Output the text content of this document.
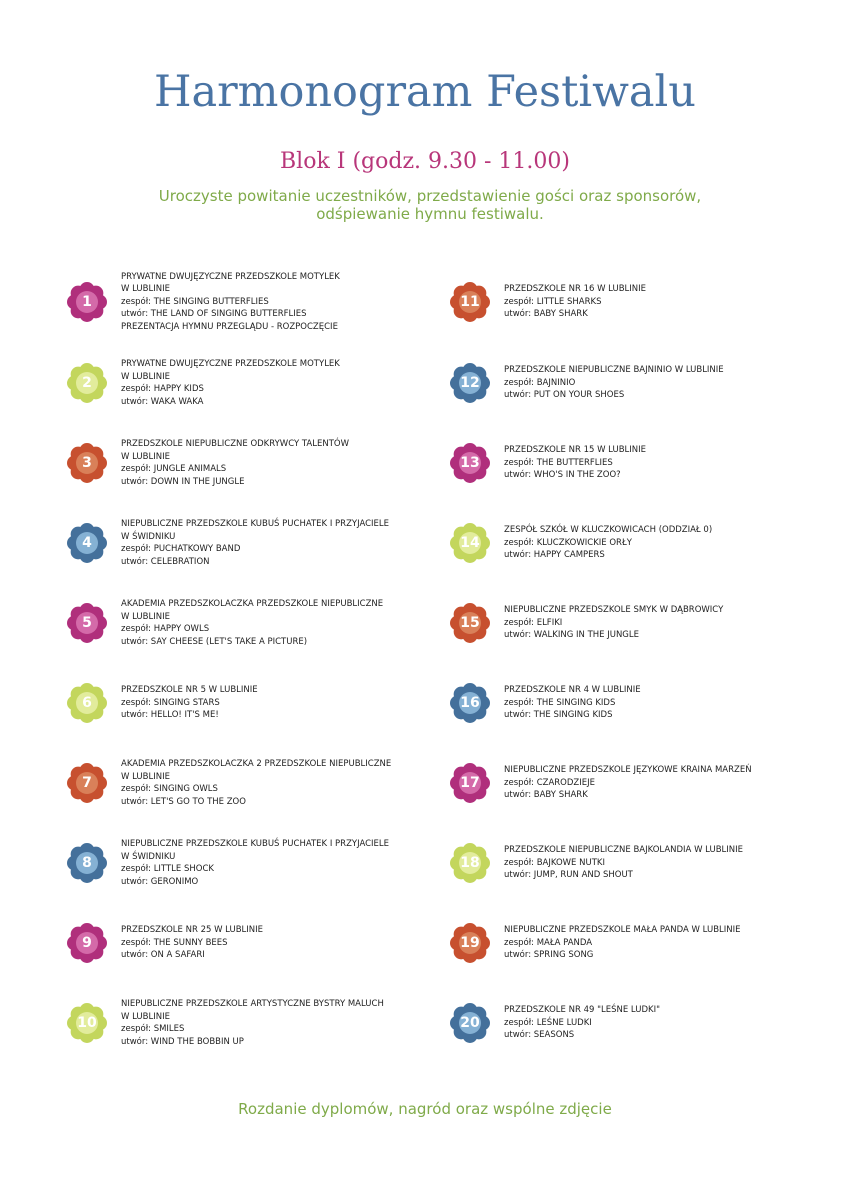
Harmonogram Festiwalu
Blok I (godz. 9.30 - 11.00)

Uroczyste powitanie uczestników, przedstawienie gości oraz sponsorów, odśpiewanie hymnu festiwalu.

1
PRYWATNE DWUJĘZYCZNE PRZEDSZKOLE MOTYLEK
W LUBLINIE
zespół: THE SINGING BUTTERFLIES
utwór: THE LAND OF SINGING BUTTERFLIES
PREZENTACJA HYMNU PRZEGLĄDU - ROZPOCZĘCIE
2
PRYWATNE DWUJĘZYCZNE PRZEDSZKOLE MOTYLEK
W LUBLINIE
zespół: HAPPY KIDS
utwór: WAKA WAKA
3
PRZEDSZKOLE NIEPUBLICZNE ODKRYWCY TALENTÓW
W LUBLINIE
zespół: JUNGLE ANIMALS
utwór: DOWN IN THE JUNGLE
4
NIEPUBLICZNE PRZEDSZKOLE KUBUŚ PUCHATEK I PRZYJACIELE
W ŚWIDNIKU
zespół: PUCHATKOWY BAND
utwór: CELEBRATION
5
AKADEMIA PRZEDSZKOLACZKA PRZEDSZKOLE NIEPUBLICZNE
W LUBLINIE
zespół: HAPPY OWLS
utwór: SAY CHEESE (LET'S TAKE A PICTURE)
6
PRZEDSZKOLE NR 5 W LUBLINIE
zespół: SINGING STARS
utwór: HELLO! IT'S ME!
7
AKADEMIA PRZEDSZKOLACZKA 2 PRZEDSZKOLE NIEPUBLICZNE
W LUBLINIE
zespół: SINGING OWLS
utwór: LET'S GO TO THE ZOO
8
NIEPUBLICZNE PRZEDSZKOLE KUBUŚ PUCHATEK I PRZYJACIELE
W ŚWIDNIKU
zespół: LITTLE SHOCK
utwór: GERONIMO
9
PRZEDSZKOLE NR 25 W LUBLINIE
zespół: THE SUNNY BEES
utwór: ON A SAFARI
10
NIEPUBLICZNE PRZEDSZKOLE ARTYSTYCZNE BYSTRY MALUCH
W LUBLINIE
zespół: SMILES
utwór: WIND THE BOBBIN UP
11
PRZEDSZKOLE NR 16 W LUBLINIE
zespół: LITTLE SHARKS
utwór: BABY SHARK
12
PRZEDSZKOLE NIEPUBLICZNE BAJNINIO W LUBLINIE
zespół: BAJNINIO
utwór: PUT ON YOUR SHOES
13
PRZEDSZKOLE NR 15 W LUBLINIE
zespół: THE BUTTERFLIES
utwór: WHO'S IN THE ZOO?
14
ZESPÓŁ SZKÓŁ W KLUCZKOWICACH (ODDZIAŁ 0)
zespół: KLUCZKOWICKIE ORŁY
utwór: HAPPY CAMPERS
15
NIEPUBLICZNE PRZEDSZKOLE SMYK W DĄBROWICY
zespół: ELFIKI
utwór: WALKING IN THE JUNGLE
16
PRZEDSZKOLE NR 4 W LUBLINIE
zespół: THE SINGING KIDS
utwór: THE SINGING KIDS
17
NIEPUBLICZNE PRZEDSZKOLE JĘZYKOWE KRAINA MARZEŃ
zespół: CZARODZIEJE
utwór: BABY SHARK
18
PRZEDSZKOLE NIEPUBLICZNE BAJKOLANDIA W LUBLINIE
zespół: BAJKOWE NUTKI
utwór: JUMP, RUN AND SHOUT
19
NIEPUBLICZNE PRZEDSZKOLE MAŁA PANDA W LUBLINIE
zespół: MAŁA PANDA
utwór: SPRING SONG
20
PRZEDSZKOLE NR 49 "LEŚNE LUDKI"
zespół: LEŚNE LUDKI
utwór: SEASONS

Rozdanie dyplomów, nagród oraz wspólne zdjęcie
